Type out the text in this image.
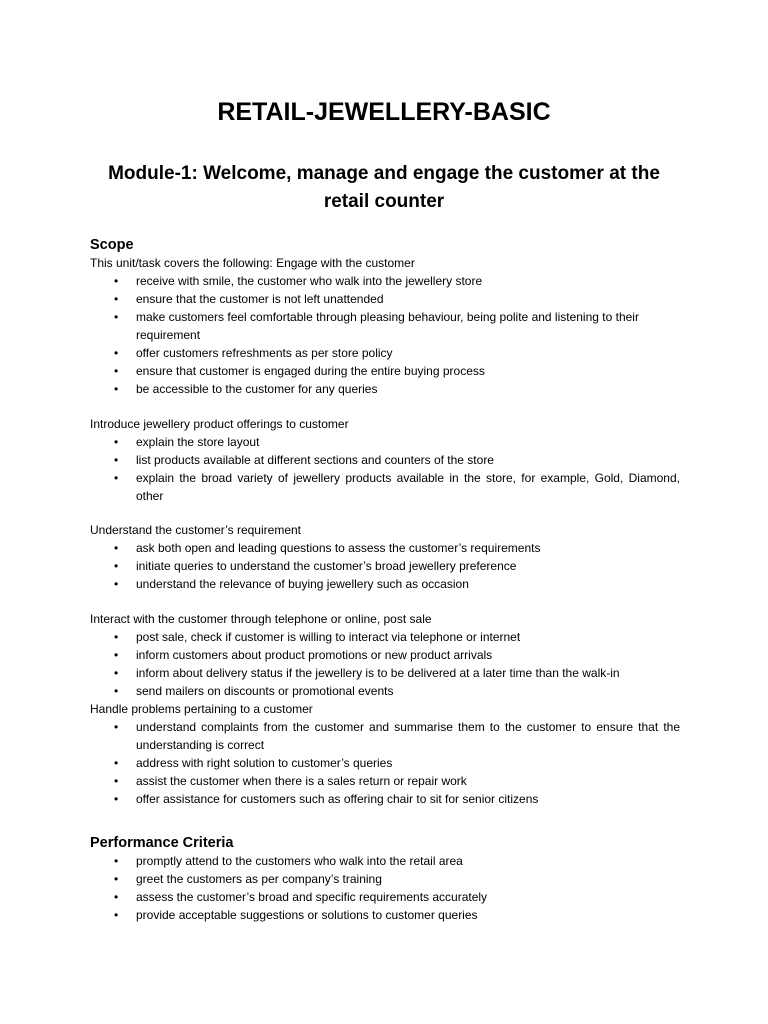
RETAIL-JEWELLERY-BASIC
Module-1: Welcome, manage and engage the customer at the retail counter
Scope

This unit/task covers the following: Engage with the customer

• receive with smile, the customer who walk into the jewellery store
• ensure that the customer is not left unattended
• make customers feel comfortable through pleasing behaviour, being polite and listening to their requirement
• offer customers refreshments as per store policy
• ensure that customer is engaged during the entire buying process
• be accessible to the customer for any queries

Introduce jewellery product offerings to customer

• explain the store layout
• list products available at different sections and counters of the store
• explain the broad variety of jewellery products available in the store, for example, Gold, Diamond, other

Understand the customer’s requirement

• ask both open and leading questions to assess the customer’s requirements
• initiate queries to understand the customer’s broad jewellery preference
• understand the relevance of buying jewellery such as occasion

Interact with the customer through telephone or online, post sale

• post sale, check if customer is willing to interact via telephone or internet
• inform customers about product promotions or new product arrivals
• inform about delivery status if the jewellery is to be delivered at a later time than the walk-in
• send mailers on discounts or promotional events

Handle problems pertaining to a customer

• understand complaints from the customer and summarise them to the customer to ensure that the understanding is correct
• address with right solution to customer’s queries
• assist the customer when there is a sales return or repair work
• offer assistance for customers such as offering chair to sit for senior citizens
Performance Criteria
• promptly attend to the customers who walk into the retail area
• greet the customers as per company’s training
• assess the customer’s broad and specific requirements accurately
• provide acceptable suggestions or solutions to customer queries
